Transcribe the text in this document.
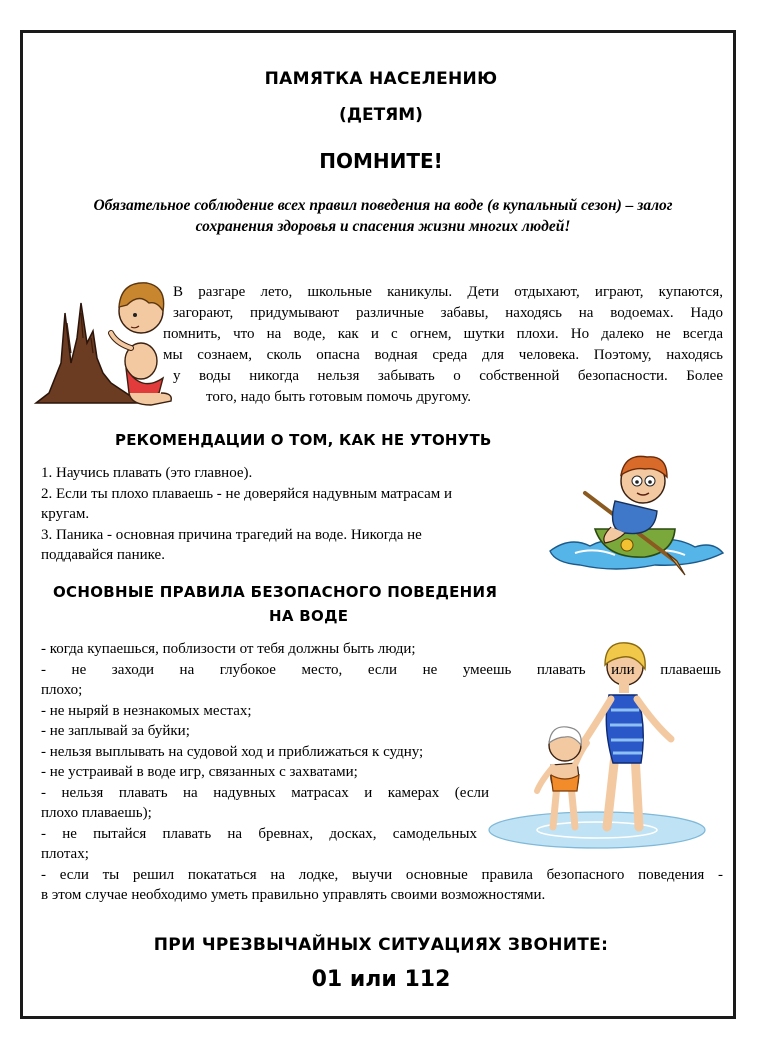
ПАМЯТКА НАСЕЛЕНИЮ
(ДЕТЯМ)
ПОМНИТЕ!
Обязательное соблюдение всех правил поведения на воде (в купальный сезон) – залог сохранения здоровья и спасения жизни многих людей!
В разгаре лето, школьные каникулы. Дети отдыхают, играют, купаются,
загорают, придумывают различные забавы, находясь на водоемах. Надо
помнить, что на воде, как и с огнем, шутки плохи. Но далеко не всегда
мы сознаем, сколь опасна водная среда для человека. Поэтому, находясь
у воды никогда нельзя забывать о собственной безопасности. Более
того, надо быть готовым помочь другому.
РЕКОМЕНДАЦИИ О ТОМ, КАК НЕ УТОНУТЬ
1. Научись плавать (это главное).
2. Если ты плохо плаваешь - не доверяйся надувным матрасам и
кругам.
3. Паника - основная причина трагедий на воде. Никогда не
поддавайся панике.
ОСНОВНЫЕ ПРАВИЛА БЕЗОПАСНОГО ПОВЕДЕНИЯ
НА ВОДЕ
- когда купаешься, поблизости от тебя должны быть люди;
- не заходи на глубокое место, если не умеешь плавать или плаваешь
плохо;
- не ныряй в незнакомых местах;
- не заплывай за буйки;
- нельзя выплывать на судовой ход и приближаться к судну;
- не устраивай в воде игр, связанных с захватами;
- нельзя плавать на надувных матрасах и камерах (если
плохо плаваешь);
- не пытайся плавать на бревнах, досках, самодельных
плотах;
- если ты решил покататься на лодке, выучи основные правила безопасного поведения -
в этом случае необходимо уметь правильно управлять своими возможностями.
ПРИ ЧРЕЗВЫЧАЙНЫХ СИТУАЦИЯХ ЗВОНИТЕ:
01 или 112
